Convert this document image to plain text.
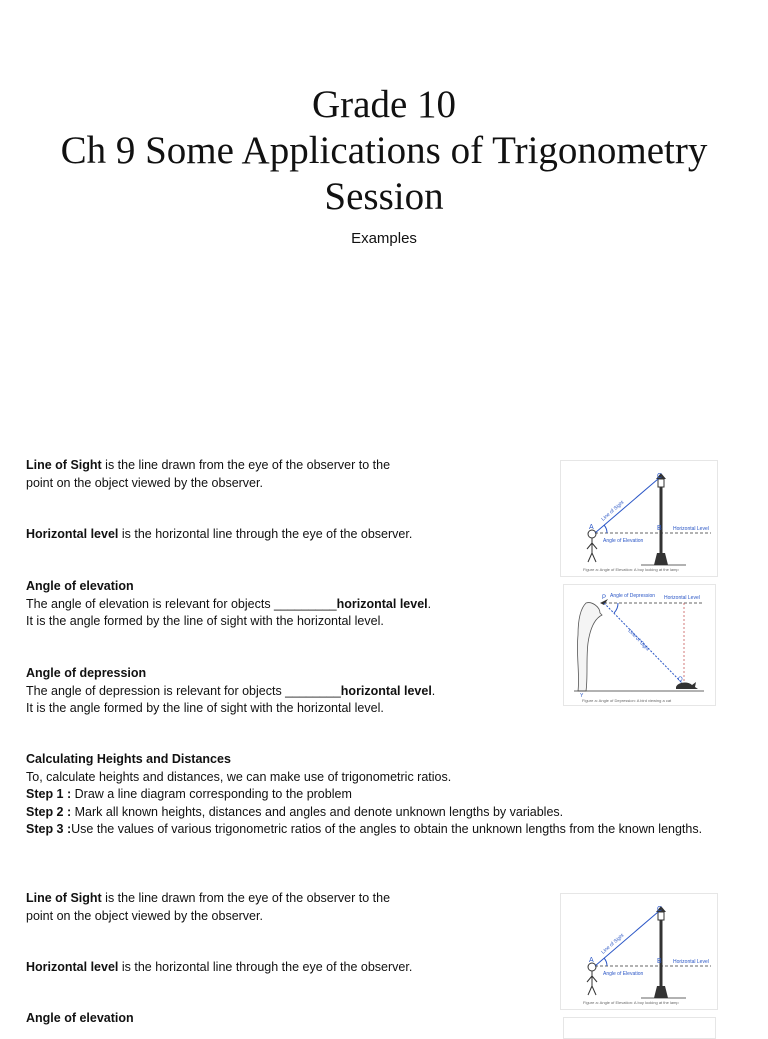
Grade 10
Ch 9 Some Applications of Trigonometry
Session
Examples
Line of Sight is the line drawn from the eye of the observer to the
point on the object viewed by the observer.
Horizontal level is the horizontal line through the eye of the observer.
Angle of elevation
The angle of elevation is relevant for objects _________horizontal level.
It is the angle formed by the line of sight with the horizontal level.
Angle of depression
The angle of depression is relevant for objects ________horizontal level.
It is the angle formed by the line of sight with the horizontal level.
Calculating Heights and Distances
To, calculate heights and distances, we can make use of trigonometric ratios.
Step 1 : Draw a line diagram corresponding to the problem
Step 2 : Mark all known heights, distances and angles and denote unknown lengths by variables.
Step 3 :Use the values of various trigonometric ratios of the angles to obtain the unknown lengths from the known lengths.
Line of Sight is the line drawn from the eye of the observer to the
point on the object viewed by the observer.
Horizontal level is the horizontal line through the eye of the observer.
Angle of elevation
A	B
C
Line of Sight
Horizontal Level
Angle of Elevation
Figure a: Angle of Elevation: A boy looking at the lamp
P
Q
Y
Angle of Depression Horizontal Level
Line of Sight
Figure a: Angle of Depression: A bird viewing a cat
A	B
C
Line of Sight
Horizontal Level
Angle of Elevation
Figure a: Angle of Elevation: A boy looking at the lamp
